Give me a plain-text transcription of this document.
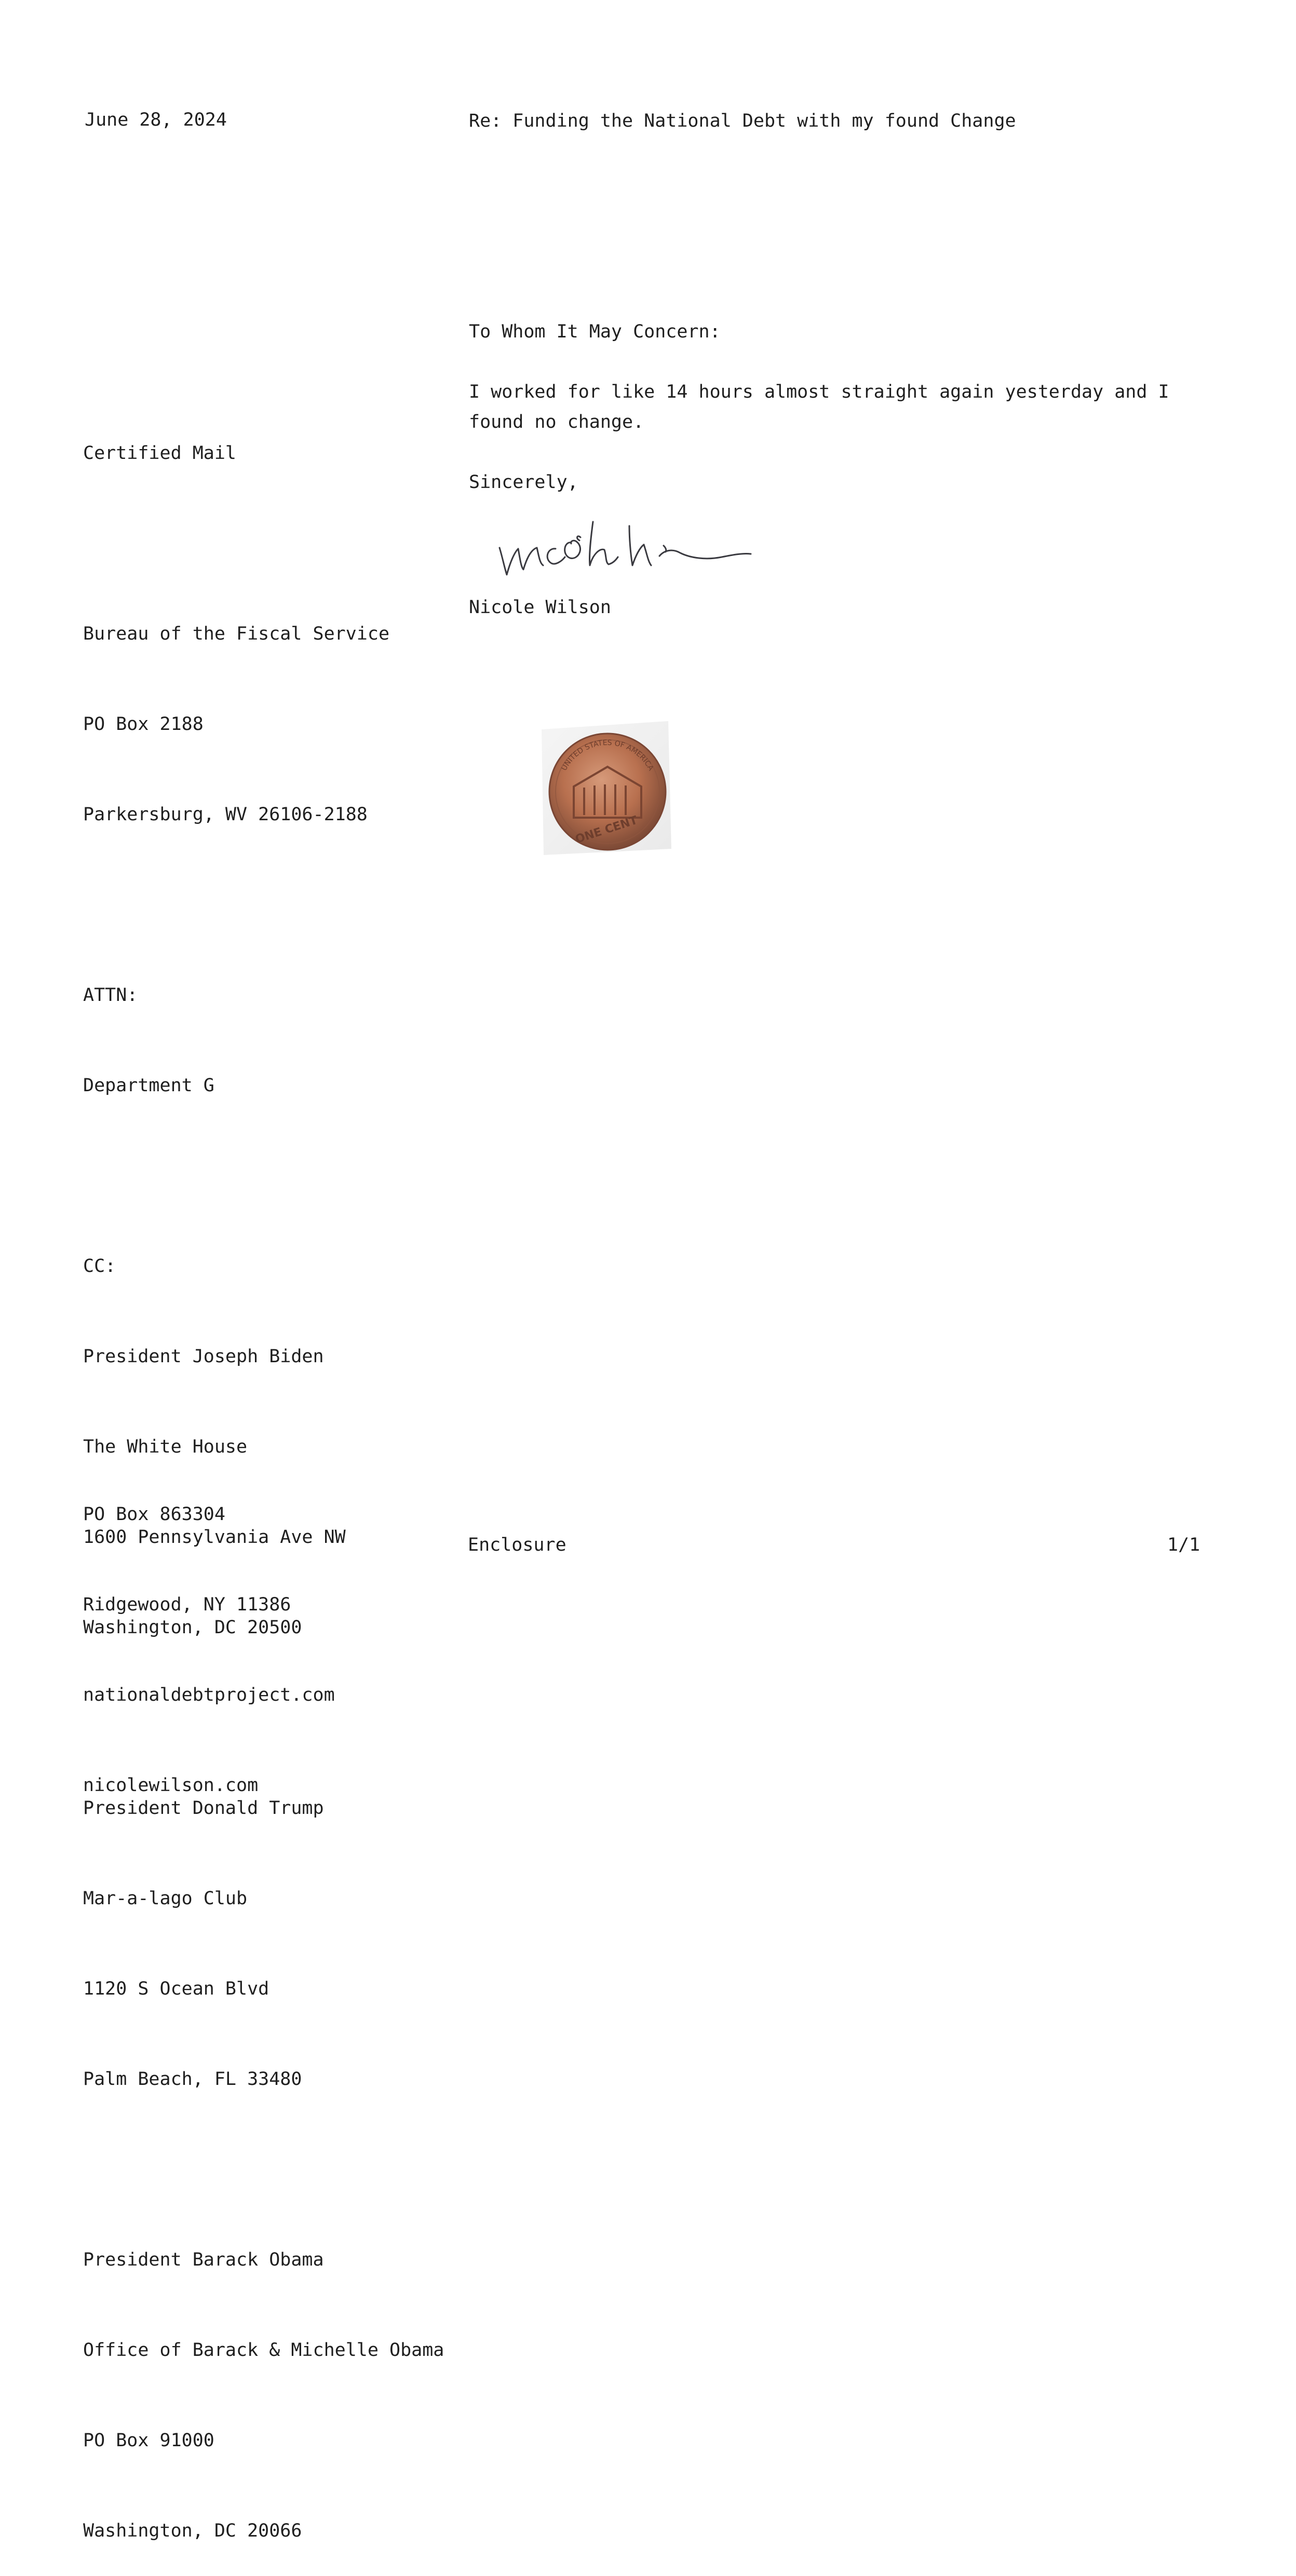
June 28, 2024	Re: Funding the National Debt with my found Change

Certified Mail

Bureau of the Fiscal Service

PO Box 2188

Parkersburg, WV 26106-2188

ATTN:

Department G

CC:

President Joseph Biden

The White House

1600 Pennsylvania Ave NW

Washington, DC 20500

President Donald Trump

Mar-a-lago Club

1120 S Ocean Blvd

Palm Beach, FL 33480

President Barack Obama

Office of Barack & Michelle Obama

PO Box 91000

Washington, DC 20066

To Whom It May Concern:
I worked for like 14 hours almost straight again yesterday and I found no change.
Sincerely,
Nicole Wilson
UNITED STATES OF AMERICA
ONE CENT

PO Box 863304

Ridgewood, NY 11386

nationaldebtproject.com

nicolewilson.com

Enclosure	1/1
